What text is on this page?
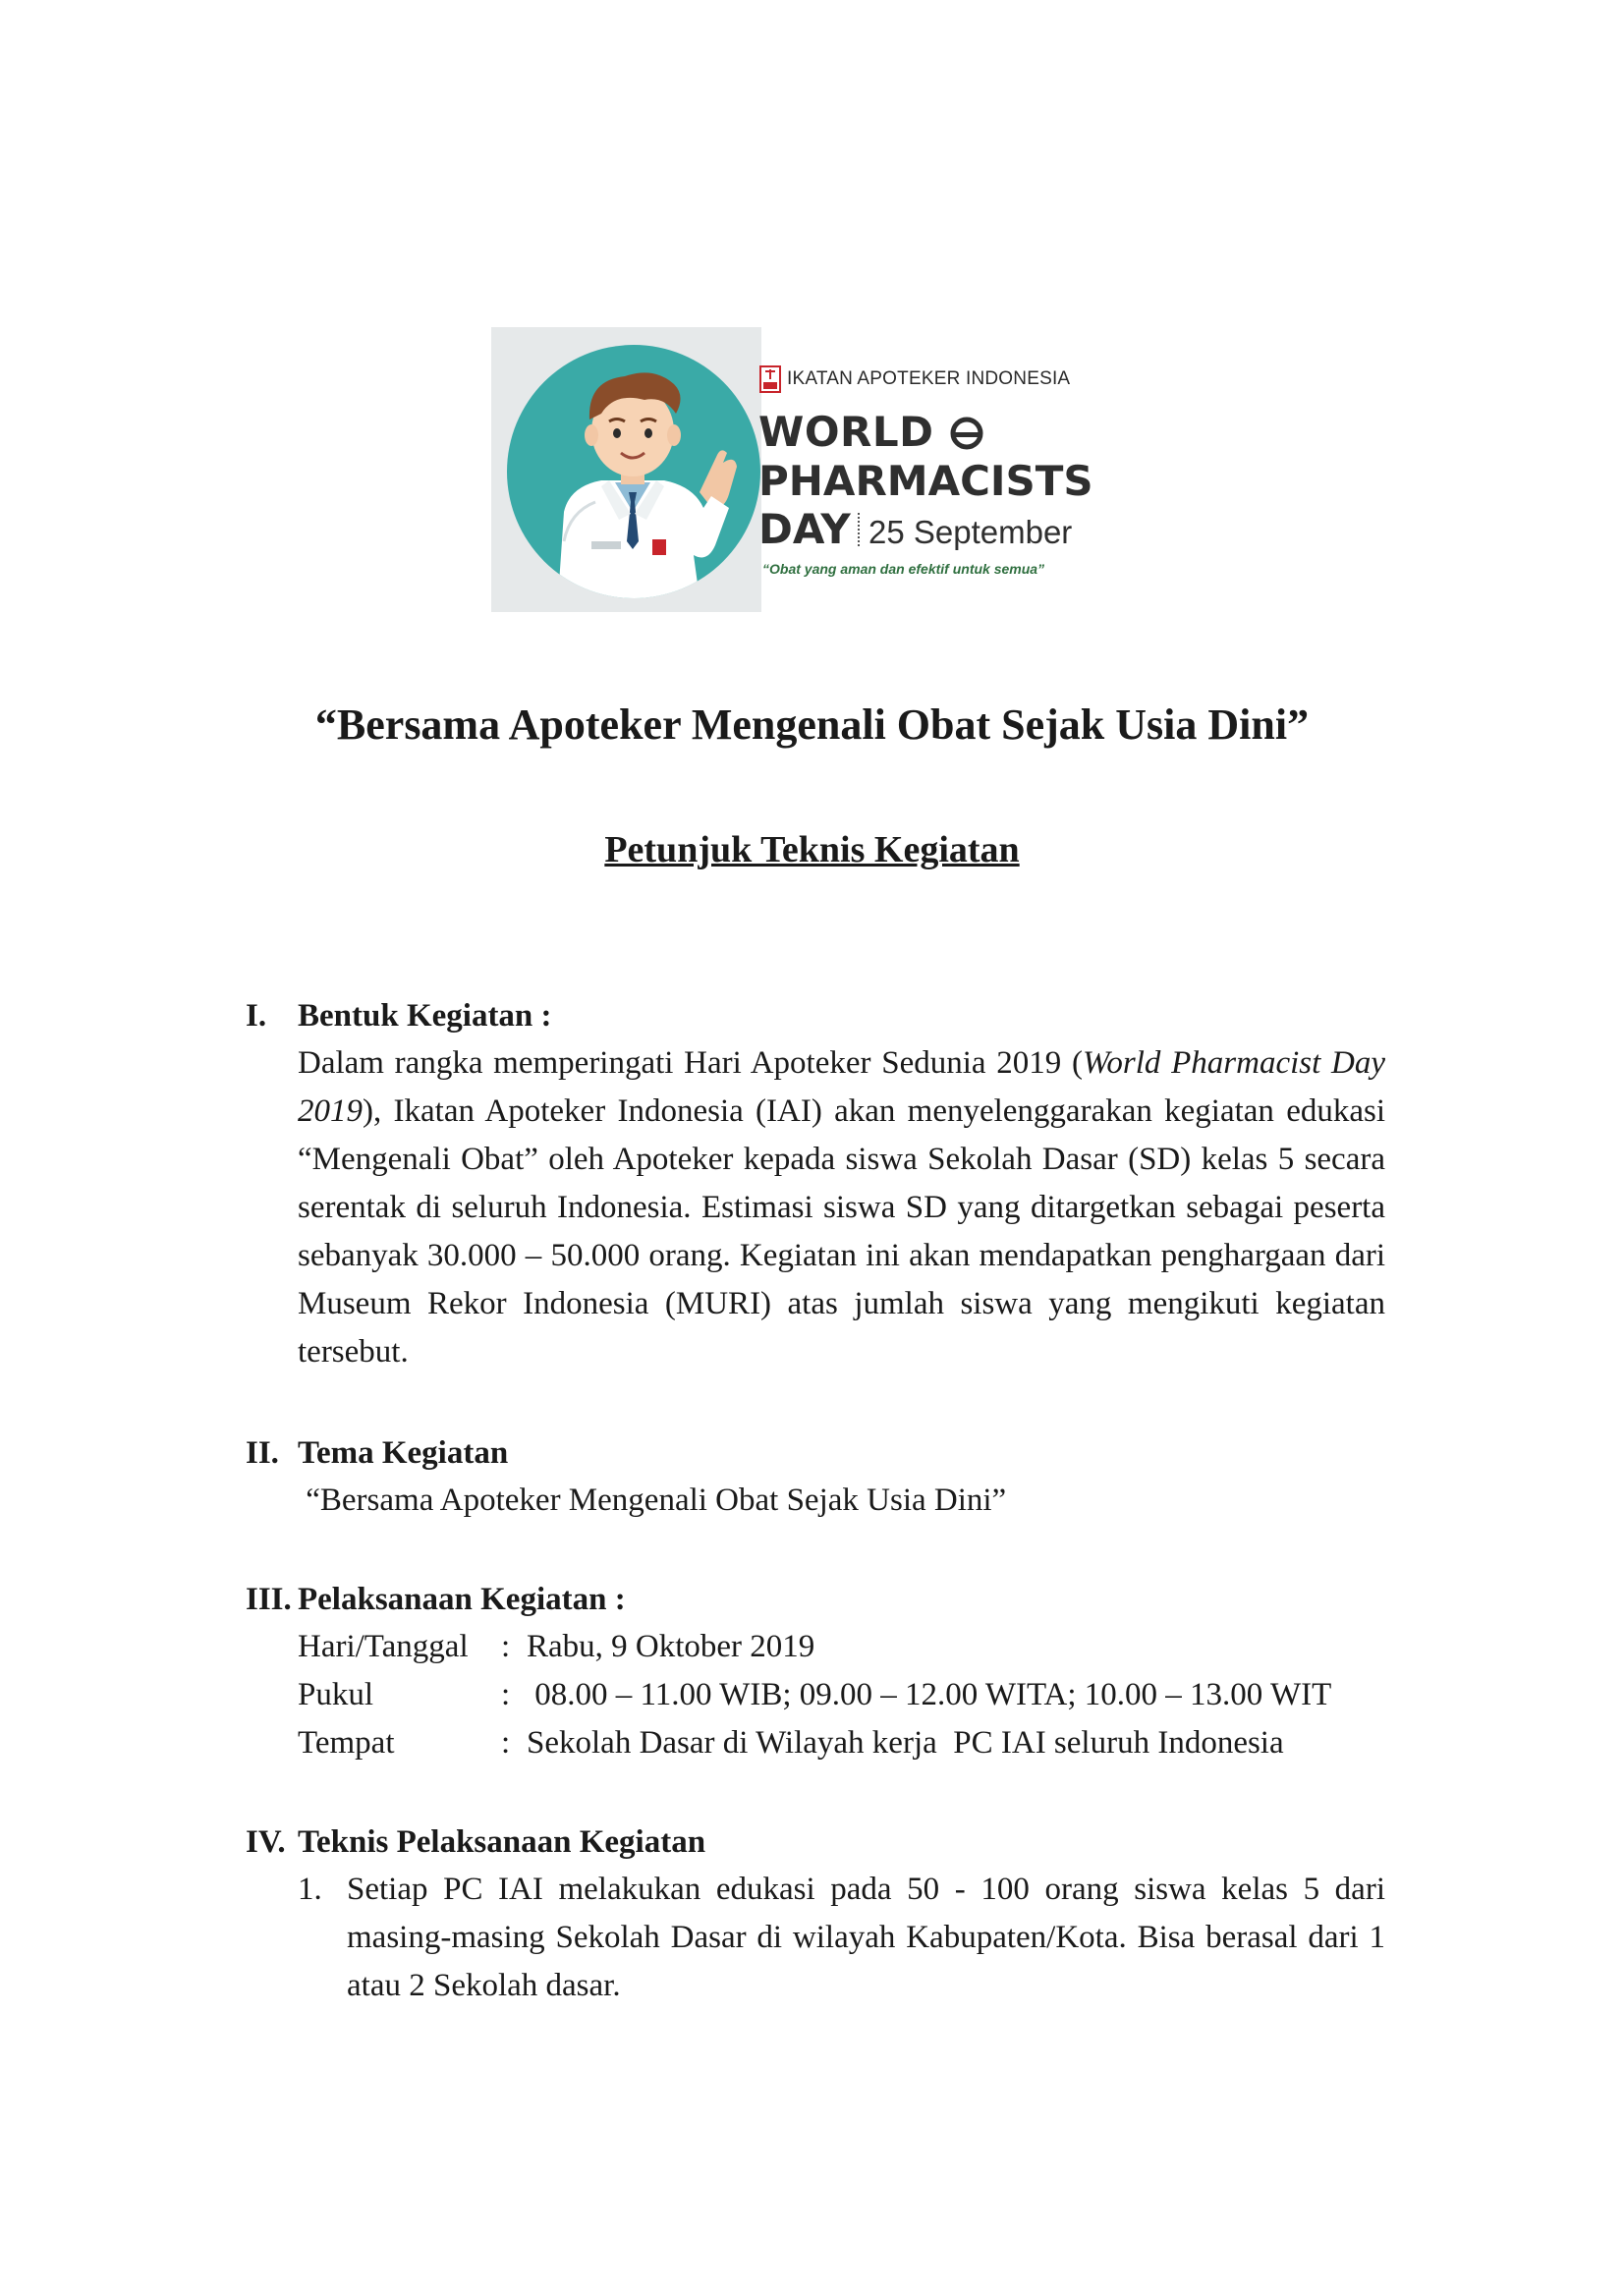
IKATAN APOTEKER INDONESIA
WORLD
PHARMACISTS
DAY 25 September
“Obat yang aman dan efektif untuk semua”
“Bersama Apoteker Mengenali Obat Sejak Usia Dini”
Petunjuk Teknis Kegiatan
I. Bentuk Kegiatan :
Dalam rangka memperingati Hari Apoteker Sedunia 2019 (World Pharmacist Day 2019), Ikatan Apoteker Indonesia (IAI) akan menyelenggarakan kegiatan edukasi “Mengenali Obat” oleh Apoteker kepada siswa Sekolah Dasar (SD) kelas 5 secara serentak di seluruh Indonesia. Estimasi siswa SD yang ditargetkan sebagai peserta sebanyak 30.000 – 50.000 orang. Kegiatan ini akan mendapatkan penghargaan dari Museum Rekor Indonesia (MURI) atas jumlah siswa yang mengikuti kegiatan tersebut.
II. Tema Kegiatan
“Bersama Apoteker Mengenali Obat Sejak Usia Dini”
III. Pelaksanaan Kegiatan :
Hari/Tanggal	: Rabu, 9 Oktober 2019
Pukul	: 08.00 – 11.00 WIB; 09.00 – 12.00 WITA; 10.00 – 13.00 WIT
Tempat	: Sekolah Dasar di Wilayah kerja  PC IAI seluruh Indonesia
IV. Teknis Pelaksanaan Kegiatan
1. Setiap PC IAI melakukan edukasi pada 50 - 100 orang siswa kelas 5 dari masing-masing Sekolah Dasar di wilayah Kabupaten/Kota. Bisa berasal dari 1 atau 2 Sekolah dasar.
